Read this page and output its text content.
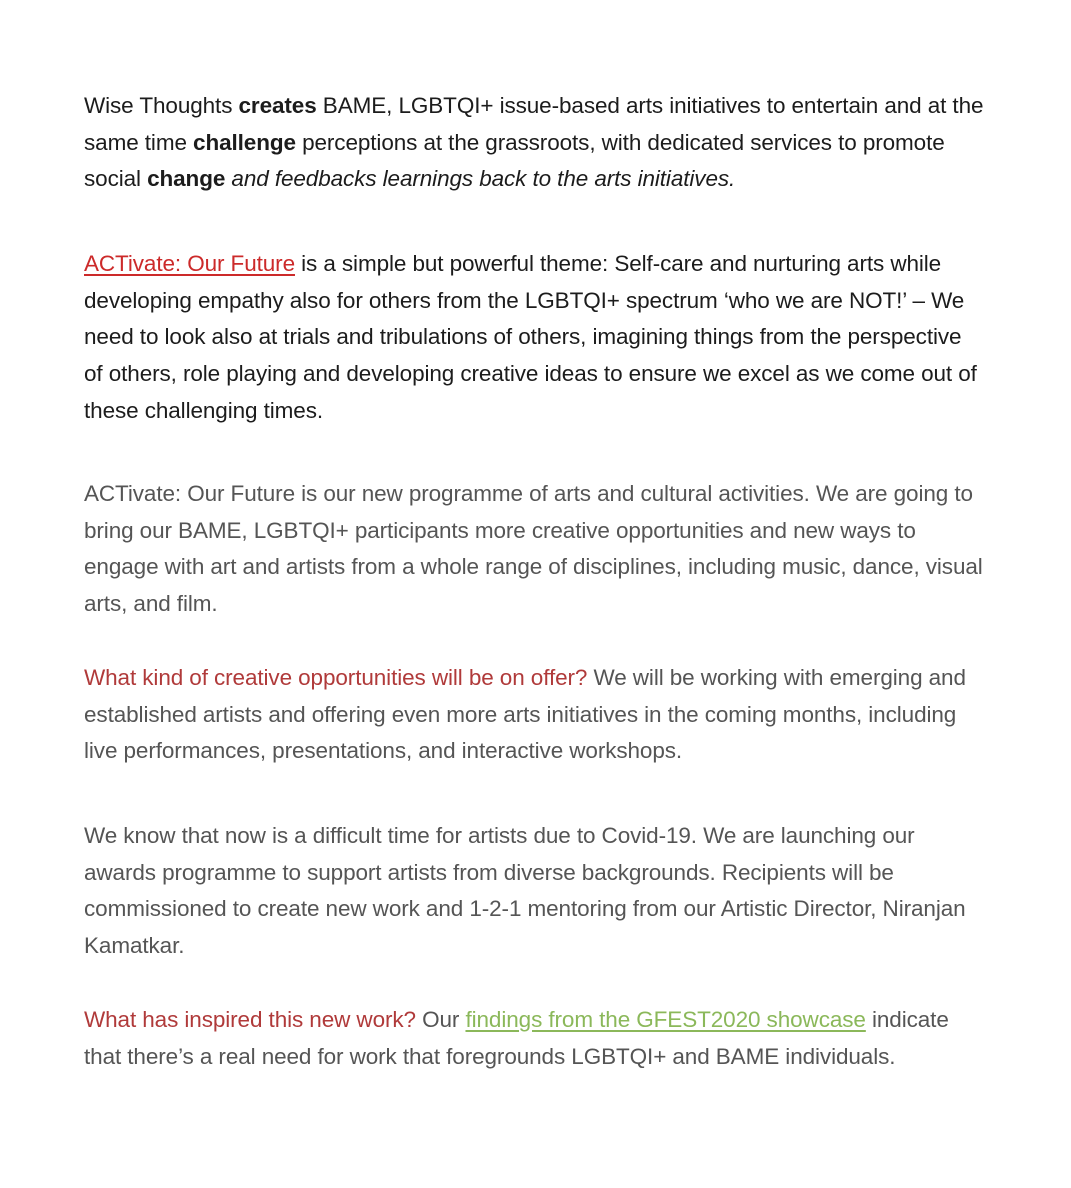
Wise Thoughts creates BAME, LGBTQI+ issue-based arts initiatives to entertain and at the same time challenge perceptions at the grassroots, with dedicated services to promote social change and feedbacks learnings back to the arts initiatives.

ACTivate: Our Future is a simple but powerful theme: Self-care and nurturing arts while developing empathy also for others from the LGBTQI+ spectrum ‘who we are NOT!’ – We need to look also at trials and tribulations of others, imagining things from the perspective of others, role playing and developing creative ideas to ensure we excel as we come out of these challenging times.

ACTivate: Our Future is our new programme of arts and cultural activities. We are going to bring our BAME, LGBTQI+ participants more creative opportunities and new ways to engage with art and artists from a whole range of disciplines, including music, dance, visual arts, and film.

What kind of creative opportunities will be on offer? We will be working with emerging and established artists and offering even more arts initiatives in the coming months, including live performances, presentations, and interactive workshops.

We know that now is a difficult time for artists due to Covid-19. We are launching our awards programme to support artists from diverse backgrounds. Recipients will be commissioned to create new work and 1-2-1 mentoring from our Artistic Director, Niranjan Kamatkar.

What has inspired this new work? Our findings from the GFEST2020 showcase indicate that there’s a real need for work that foregrounds LGBTQI+ and BAME individuals.
